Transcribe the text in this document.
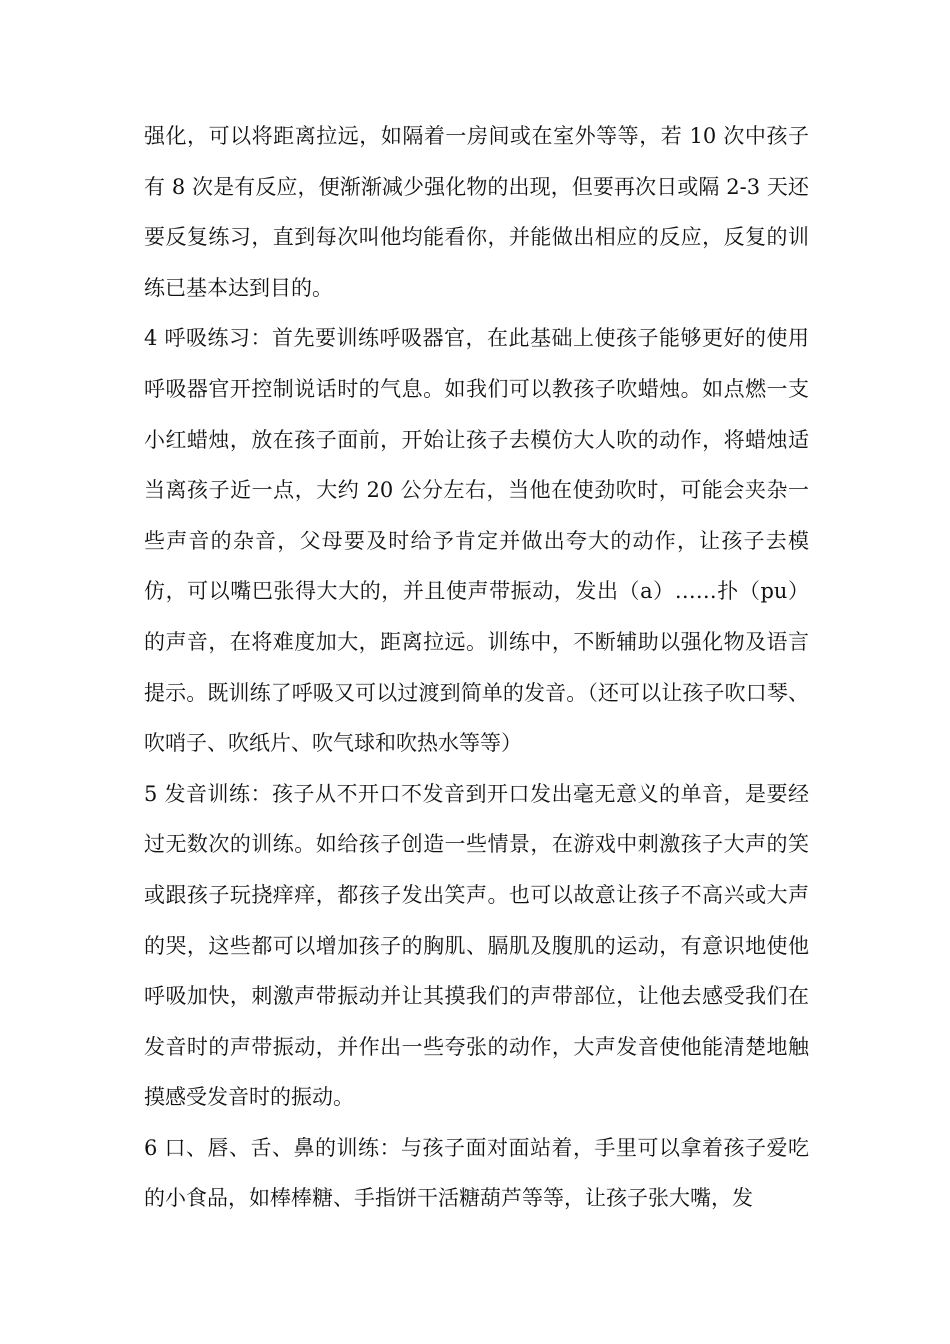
强化，可以将距离拉远，如隔着一房间或在室外等等，若 10 次中孩子有 8 次是有反应，便渐渐减少强化物的出现，但要再次日或隔 2-3 天还要反复练习，直到每次叫他均能看你，并能做出相应的反应，反复的训练已基本达到目的。

4 呼吸练习：首先要训练呼吸器官，在此基础上使孩子能够更好的使用呼吸器官开控制说话时的气息。如我们可以教孩子吹蜡烛。如点燃一支小红蜡烛，放在孩子面前，开始让孩子去模仿大人吹的动作，将蜡烛适当离孩子近一点，大约 20 公分左右，当他在使劲吹时，可能会夹杂一些声音的杂音，父母要及时给予肯定并做出夸大的动作，让孩子去模仿，可以嘴巴张得大大的，并且使声带振动，发出（a）……扑（pu）的声音，在将难度加大，距离拉远。训练中，不断辅助以强化物及语言提示。既训练了呼吸又可以过渡到简单的发音。（还可以让孩子吹口琴、吹哨子、吹纸片、吹气球和吹热水等等）

5 发音训练：孩子从不开口不发音到开口发出毫无意义的单音，是要经过无数次的训练。如给孩子创造一些情景，在游戏中刺激孩子大声的笑或跟孩子玩挠痒痒，都孩子发出笑声。也可以故意让孩子不高兴或大声的哭，这些都可以增加孩子的胸肌、膈肌及腹肌的运动，有意识地使他呼吸加快，刺激声带振动并让其摸我们的声带部位，让他去感受我们在发音时的声带振动，并作出一些夸张的动作，大声发音使他能清楚地触摸感受发音时的振动。

6 口、唇、舌、鼻的训练：与孩子面对面站着，手里可以拿着孩子爱吃的小食品，如棒棒糖、手指饼干活糖葫芦等等，让孩子张大嘴，发
